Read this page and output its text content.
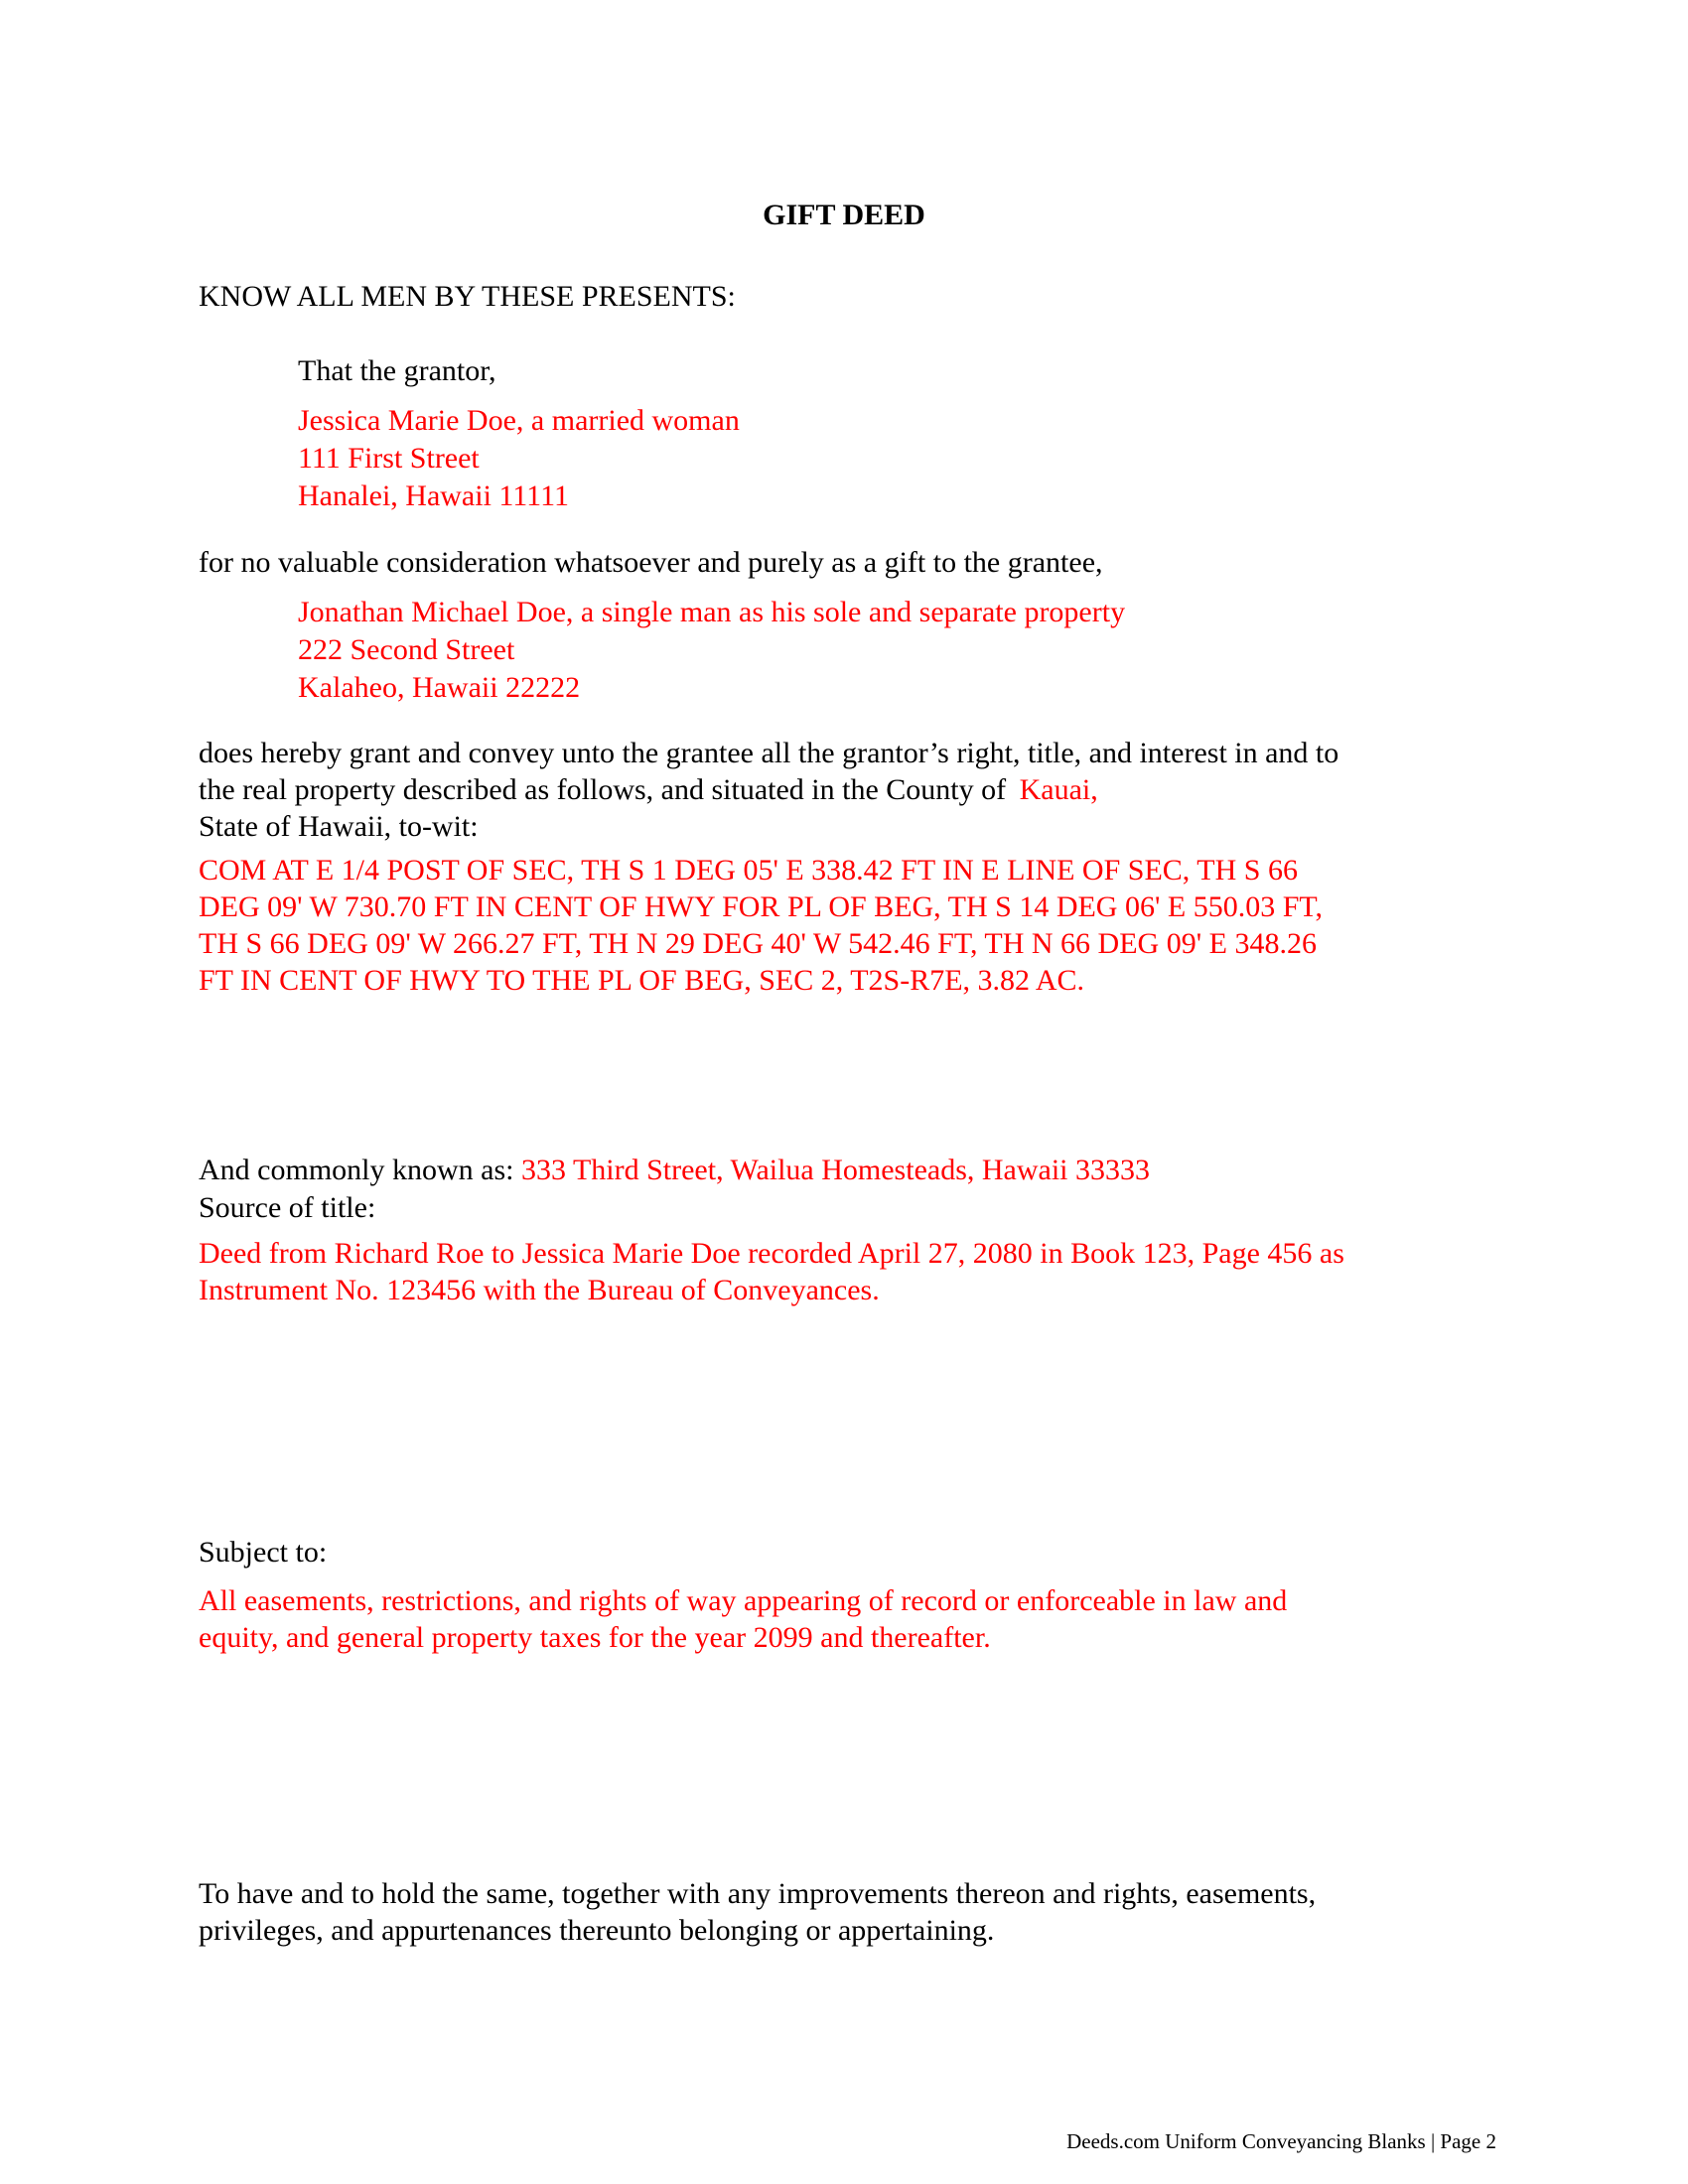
GIFT DEED

KNOW ALL MEN BY THESE PRESENTS:

That the grantor,

Jessica Marie Doe, a married woman

111 First Street

Hanalei, Hawaii 11111

for no valuable consideration whatsoever and purely as a gift to the grantee,

Jonathan Michael Doe, a single man as his sole and separate property

222 Second Street

Kalaheo, Hawaii 22222

does hereby grant and convey unto the grantee all the grantor’s right, title, and interest in and to

the real property described as follows, and situated in the County of Kauai,

State of Hawaii, to-wit:

COM AT E 1/4 POST OF SEC, TH S 1 DEG 05' E 338.42 FT IN E LINE OF SEC, TH S 66

DEG 09' W 730.70 FT IN CENT OF HWY FOR PL OF BEG, TH S 14 DEG 06' E 550.03 FT,

TH S 66 DEG 09' W 266.27 FT, TH N 29 DEG 40' W 542.46 FT, TH N 66 DEG 09' E 348.26

FT IN CENT OF HWY TO THE PL OF BEG, SEC 2, T2S-R7E, 3.82 AC.

And commonly known as: 333 Third Street, Wailua Homesteads, Hawaii 33333

Source of title:

Deed from Richard Roe to Jessica Marie Doe recorded April 27, 2080 in Book 123, Page 456 as

Instrument No. 123456 with the Bureau of Conveyances.

Subject to:

All easements, restrictions, and rights of way appearing of record or enforceable in law and

equity, and general property taxes for the year 2099 and thereafter.

To have and to hold the same, together with any improvements thereon and rights, easements,

privileges, and appurtenances thereunto belonging or appertaining.

Deeds.com Uniform Conveyancing Blanks | Page 2
